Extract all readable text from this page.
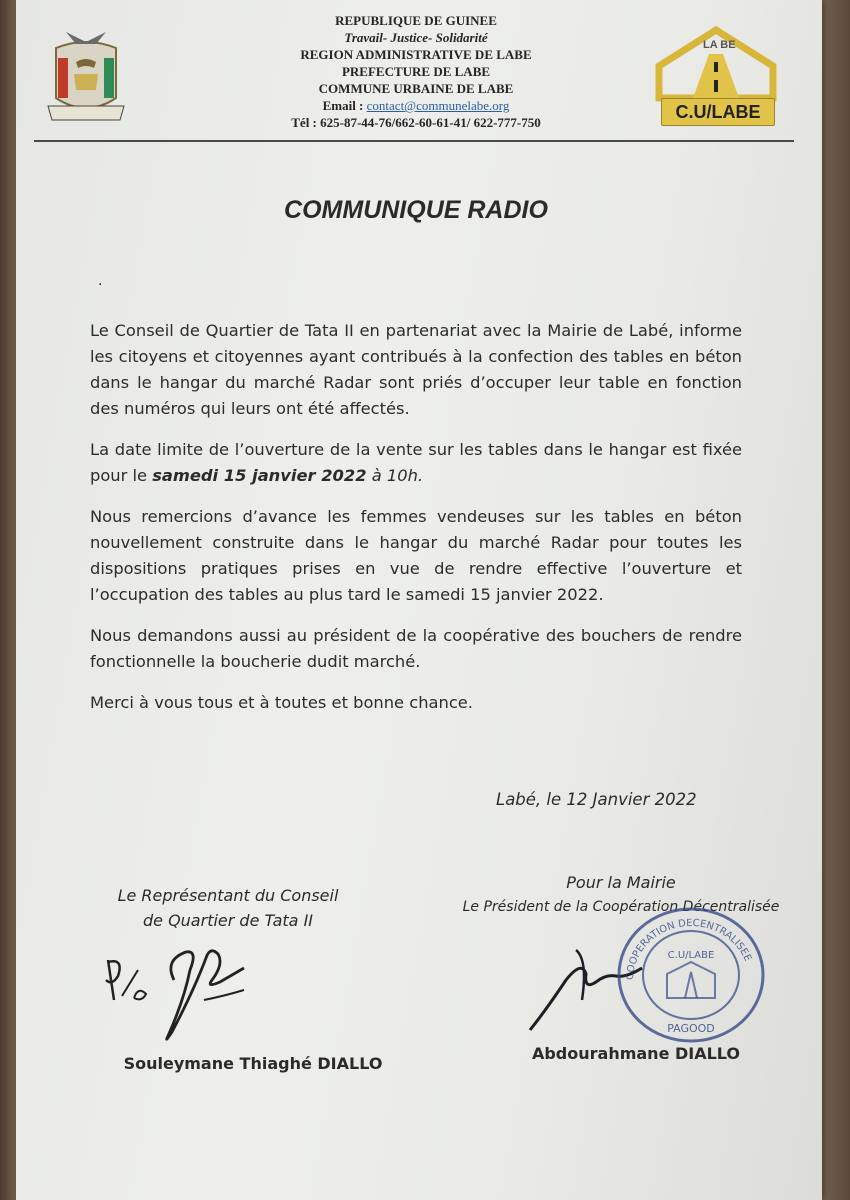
REPUBLIQUE DE GUINEE
Travail- Justice- Solidarité
REGION ADMINISTRATIVE DE LABE
PREFECTURE DE LABE
COMMUNE URBAINE DE LABE
Email : contact@communelabe.org
Tél : 625-87-44-76/662-60-61-41/ 622-777-750
LA BE
C.U/LABE
COMMUNIQUE RADIO
.

Le Conseil de Quartier de Tata II en partenariat avec la Mairie de Labé, informe les citoyens et citoyennes ayant contribués à la confection des tables en béton dans le hangar du marché Radar sont priés d’occuper leur table en fonction des numéros qui leurs ont été affectés.

La date limite de l’ouverture de la vente sur les tables dans le hangar est fixée pour le samedi 15 janvier 2022 à 10h.

Nous remercions d’avance les femmes vendeuses sur les tables en béton nouvellement construite dans le hangar du marché Radar pour toutes les dispositions pratiques prises en vue de rendre effective l’ouverture et l’occupation des tables au plus tard le samedi 15 janvier 2022.

Nous demandons aussi au président de la coopérative des bouchers de rendre fonctionnelle la boucherie dudit marché.

Merci à vous tous et à toutes et bonne chance.

Labé, le 12 Janvier 2022
Le Représentant du Conseil
de Quartier de Tata II
Pour la Mairie
Le Président de la Coopération Décentralisée
COOPERATION DECENTRALISEE
C.U/LABE
PAGOOD
Souleymane Thiaghé DIALLO
Abdourahmane DIALLO
